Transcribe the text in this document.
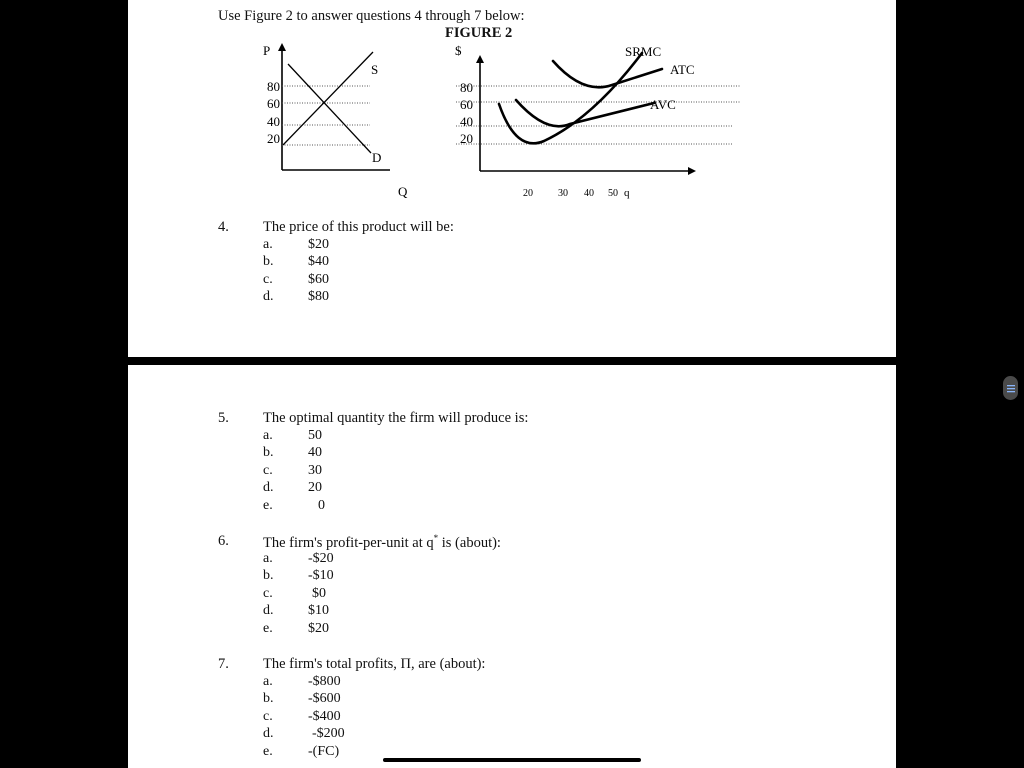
Use Figure 2 to answer questions 4 through 7 below:
FIGURE 2
P
Q
80
60
40
20
S
D
$
80
60
40
20
20	30 40 50 q
SRMC
ATC
AVC
4. The price of this product will be:
a.	$20
b. $40
c.	$60
d. $80
5. The optimal quantity the firm will produce is:
a.	50
b. 40
c.	30
d. 20
e.	0
6. The firm's profit-per-unit at q* is (about):
a.	-$20
b. -$10
c.	$0
d. $10
e.	$20
7. The firm's total profits, Π, are (about):
a.	-$800
b. -$600
c.	-$400
d.	-$200
e.	-(FC)
